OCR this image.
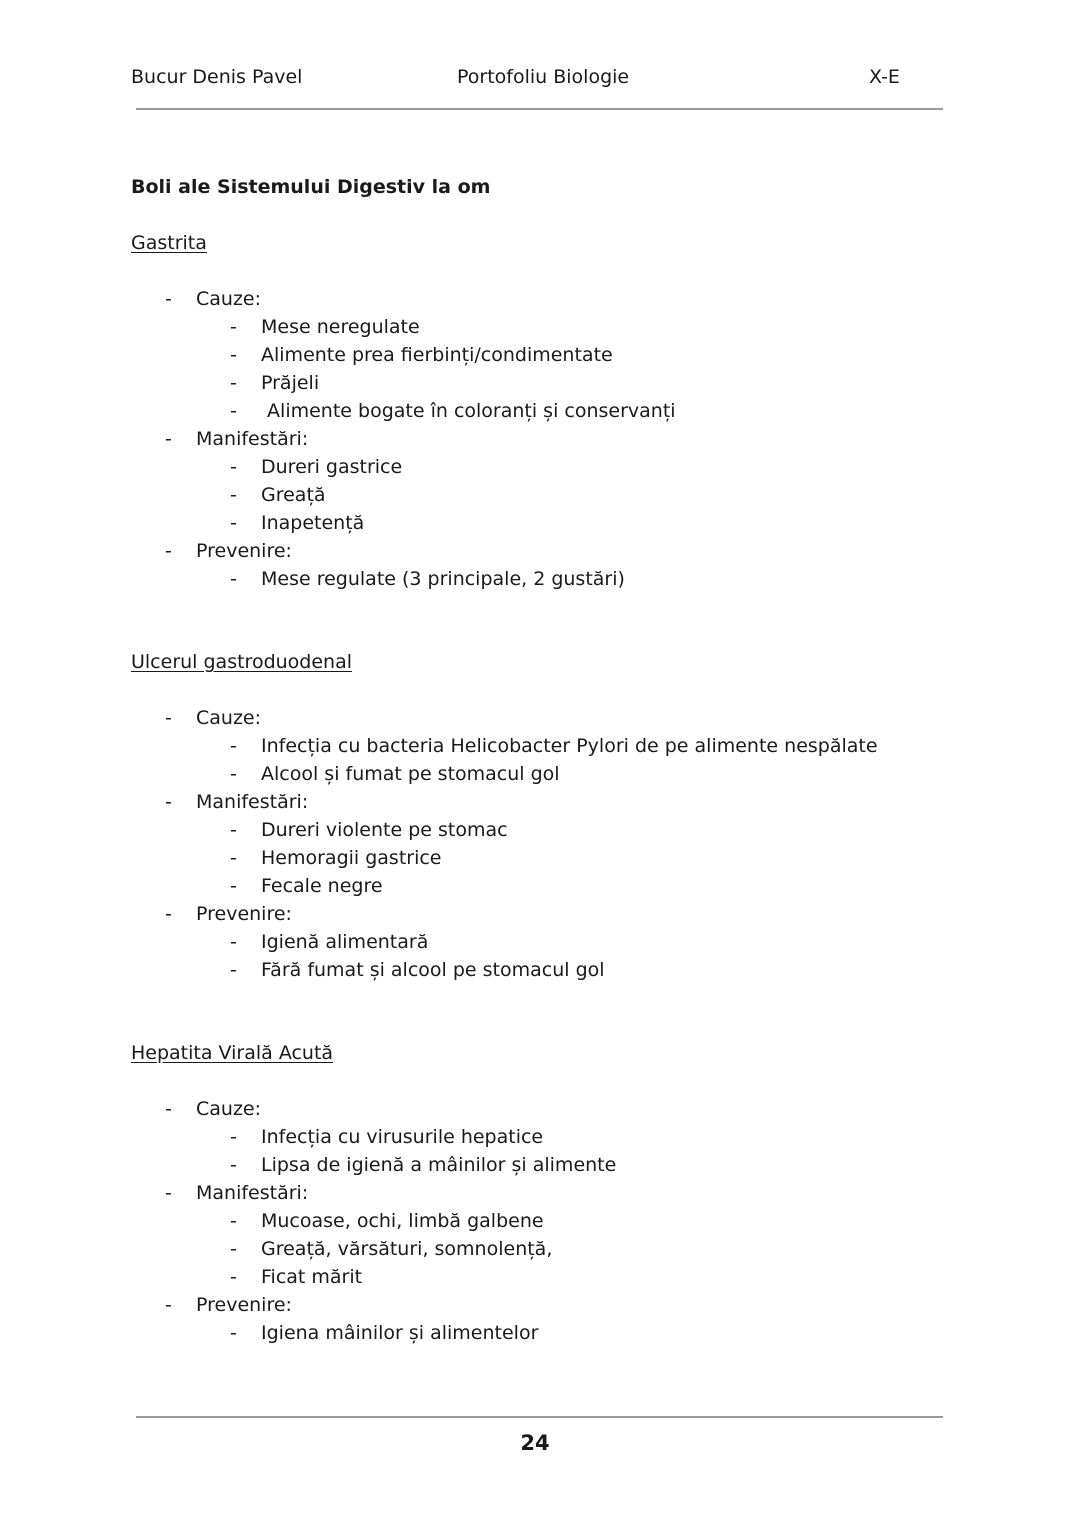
Bucur Denis Pavel	Portofoliu Biologie	X-E
Boli ale Sistemului Digestiv la om
Gastrita
- Cauze:
- Mese neregulate
- Alimente prea fierbinți/condimentate
- Prăjeli
- Alimente bogate în coloranți și conservanți
- Manifestări:
- Dureri gastrice
- Greață
- Inapetență
- Prevenire:
- Mese regulate (3 principale, 2 gustări)
Ulcerul gastroduodenal
- Cauze:
- Infecția cu bacteria Helicobacter Pylori de pe alimente nespălate
- Alcool și fumat pe stomacul gol
- Manifestări:
- Dureri violente pe stomac
- Hemoragii gastrice
- Fecale negre
- Prevenire:
- Igienă alimentară
- Fără fumat și alcool pe stomacul gol
Hepatita Virală Acută
- Cauze:
- Infecția cu virusurile hepatice
- Lipsa de igienă a mâinilor și alimente
- Manifestări:
- Mucoase, ochi, limbă galbene
- Greață, vărsături, somnolență,
- Ficat mărit
- Prevenire:
- Igiena mâinilor și alimentelor
24
